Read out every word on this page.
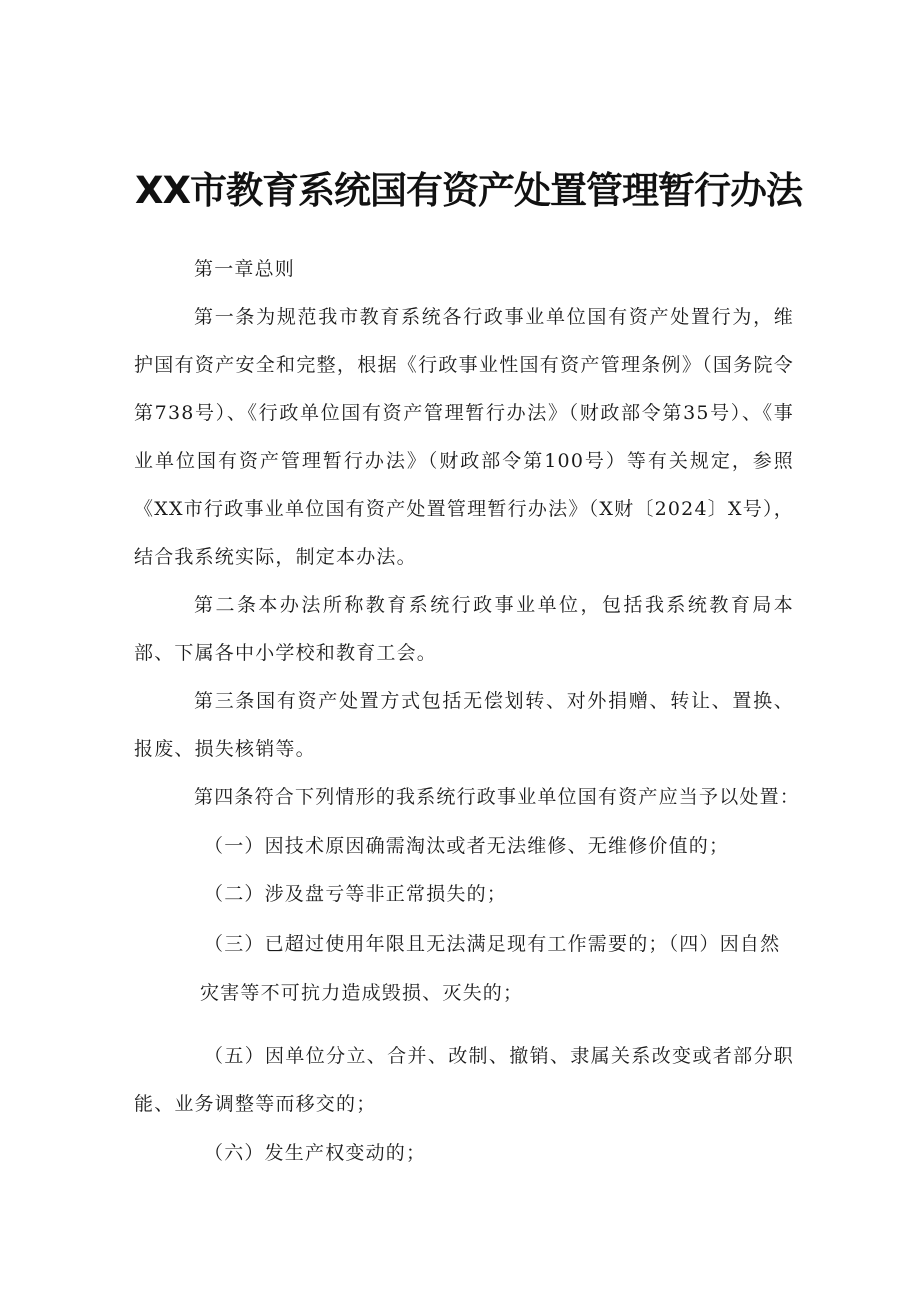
XX市教育系统国有资产处置管理暂行办法

第一章总则

第一条为规范我市教育系统各行政事业单位国有资产处置行为，维护国有资产安全和完整，根据《行政事业性国有资产管理条例》（国务院令第738号）、《行政单位国有资产管理暂行办法》（财政部令第35号）、《事业单位国有资产管理暂行办法》（财政部令第100号）等有关规定，参照《XX市行政事业单位国有资产处置管理暂行办法》（X财〔2024〕X号），结合我系统实际，制定本办法。

第二条本办法所称教育系统行政事业单位，包括我系统教育局本部、下属各中小学校和教育工会。

第三条国有资产处置方式包括无偿划转、对外捐赠、转让、置换、报废、损失核销等。

第四条符合下列情形的我系统行政事业单位国有资产应当予以处置：

（一）因技术原因确需淘汰或者无法维修、无维修价值的；

（二）涉及盘亏等非正常损失的；

（三）已超过使用年限且无法满足现有工作需要的；（四）因自然

灾害等不可抗力造成毁损、灭失的；

（五）因单位分立、合并、改制、撤销、隶属关系改变或者部分职能、业务调整等而移交的；

（六）发生产权变动的；
